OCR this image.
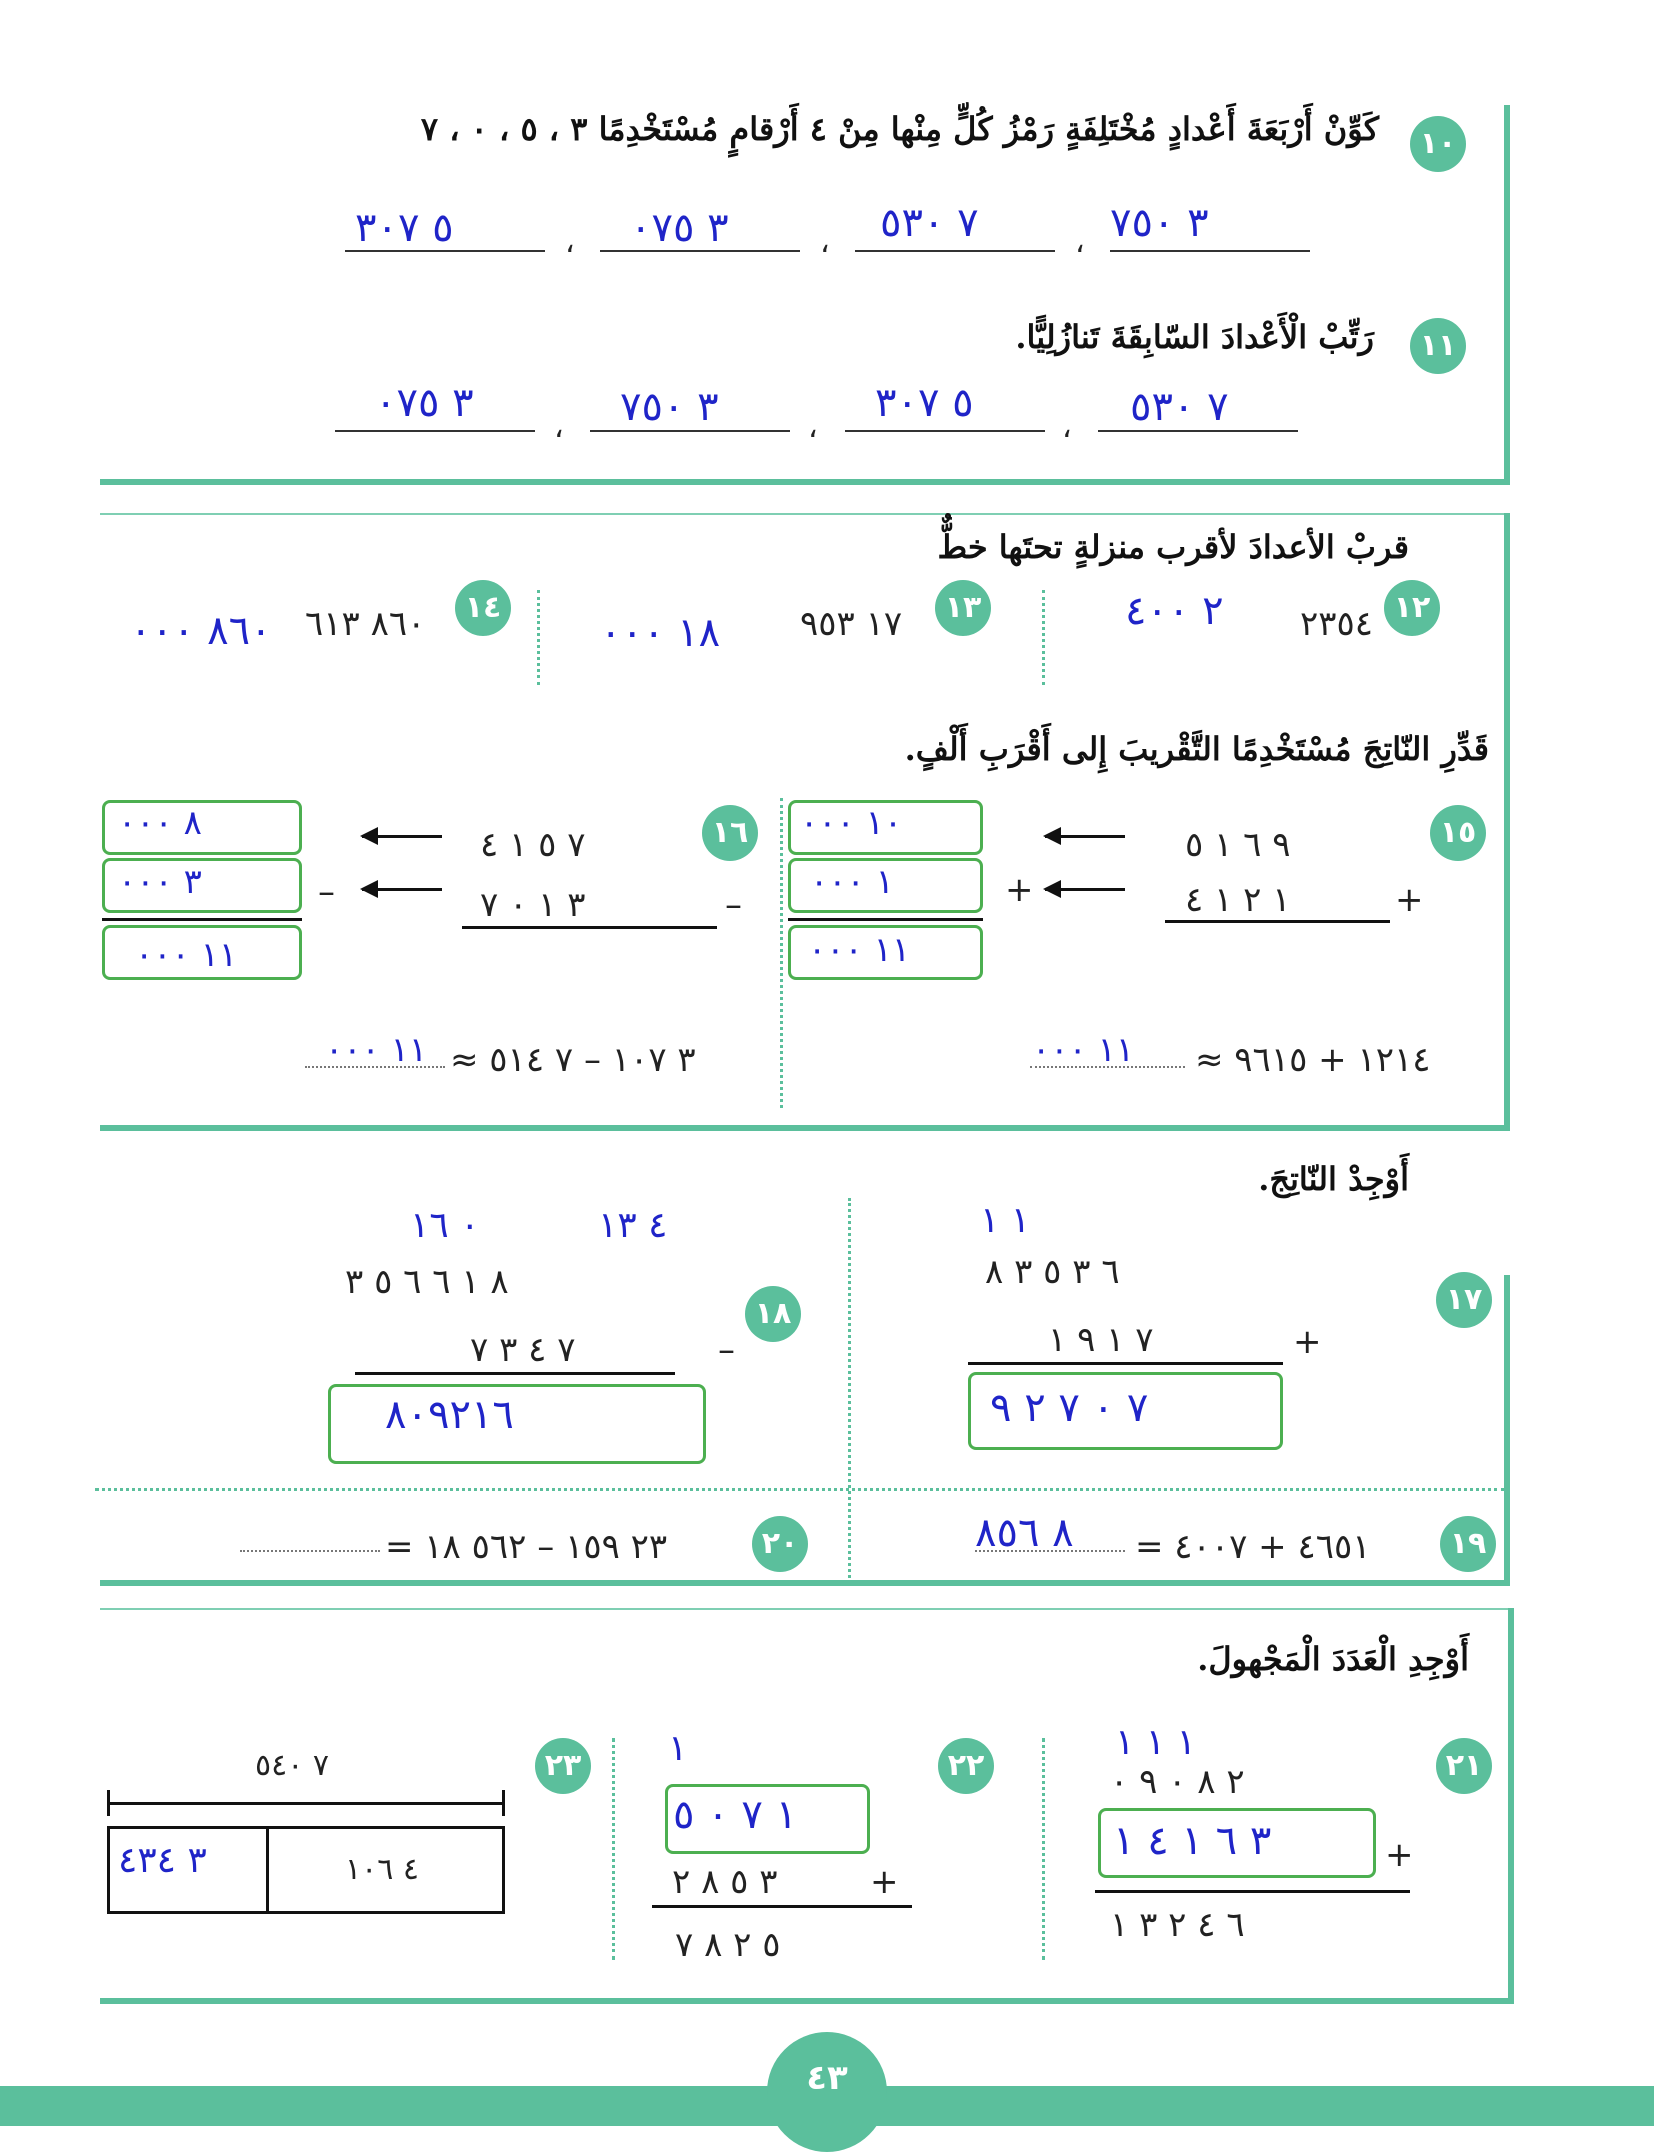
١٠
كَوِّنْ أَرْبَعَةَ أَعْدادٍ مُخْتَلِفَةٍ رَمْزُ كُلٍّ مِنْها مِنْ ٤ أَرْقامٍ مُسْتَخْدِمًا ٣ ، ٥ ، ٠ ، ٧
٣ ٧٥٠
،
٧ ٥٣٠
،
٣ ٠٧٥
،
٥ ٣٠٧
١١
رَتِّبْ الْأَعْدادَ السّابِقَةَ تَنازُلِيًّا.
٧ ٥٣٠
،
٥ ٣٠٧
،
٣ ٧٥٠
،
٣ ٠٧٥
قربْ الأعدادَ لأقرب منزلةٍ تحتَها خطٌّ
١٢
٢٣٥٤
٢ ٤٠٠
١٣
١٧ ٩٥٣
١٨ ٠٠٠
١٤
٨٦٠ ٦١٣
٨٦٠ ٠٠٠
قَدِّرِ النّاتِجَ مُسْتَخْدِمًا التَّقْريبَ إِلى أَقْرَبِ أَلْفٍ.
١٥
٩ ٦ ١ ٥
١ ٢ ١ ٤	+
١٠ ٠٠٠
١ ٠٠٠	+
١١ ٠٠٠
≈ ١٢١٤ + ٩٦١٥
١١ ٠٠٠
١٦
٧ ٥ ١ ٤
٣ ١ ٠ ٧	–
٨ ٠٠٠
٣ ٠٠٠	–
١١ ٠٠٠
≈ ٣ ١٠٧ – ٧ ٥١٤
١١ ٠٠٠
أَوْجِدْ النّاتِجَ.
١٧
١ ١
٦ ٣ ٥ ٣ ٨
٧ ١ ٩ ١	+
٧ ٠ ٧ ٢ ٩
١٨
٠ ١٦	٤ ١٣
٨ ١ ٦ ٦ ٥ ٣
٧ ٤ ٣ ٧	–
٨٠٩٢١٦
١٩
= ٤٦٥١ + ٤٠٠٧
٨ ٨٥٦
٢٠
= ٢٣ ١٥٩ – ٥٦٢ ١٨
أَوْجِدِ الْعَدَدَ الْمَجْهولَ.
٢١
١ ١ ١
٢ ٨ ٠ ٩ ٠
٣ ٦ ١ ٤ ١	+
٦ ٤ ٢ ٣ ١
٢٢
١
١ ٧ ٠ ٥
٣ ٥ ٨ ٢	+
٥ ٢ ٨ ٧
٢٣
٧ ٥٤٠
٣ ٤٣٤	٤ ١٠٦
٤٣
